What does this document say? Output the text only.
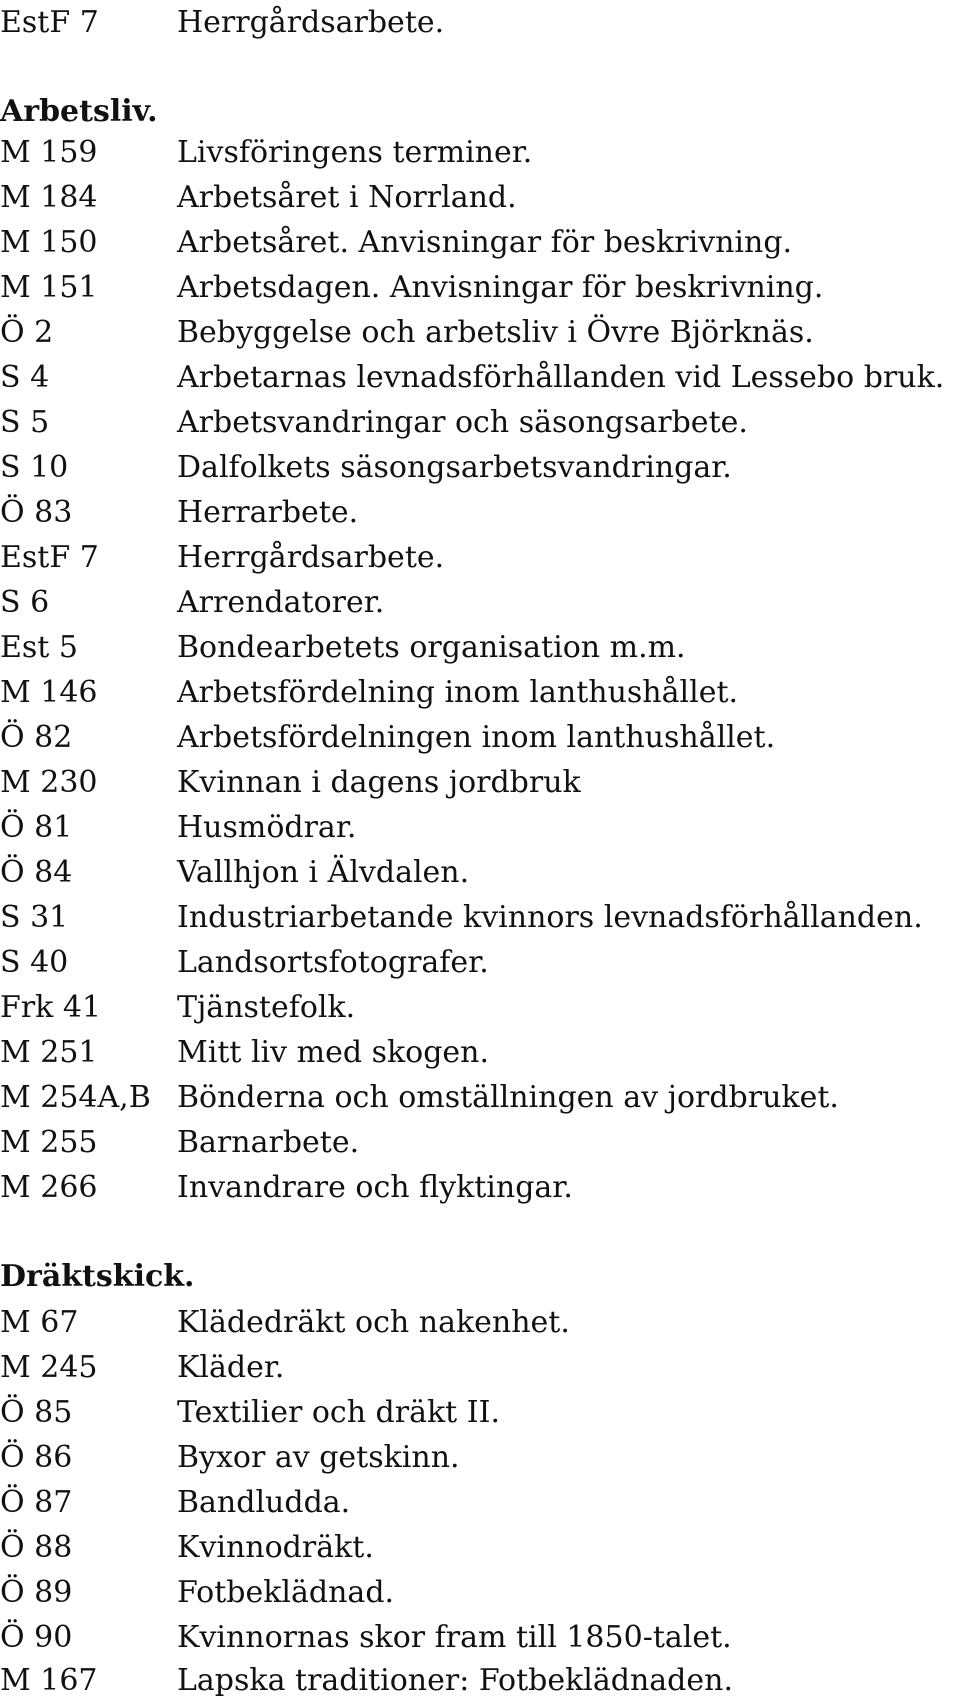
EstF 7	Herrgårdsarbete.
Arbetsliv.
M 159	Livsföringens terminer.
M 184	Arbetsåret i Norrland.
M 150	Arbetsåret. Anvisningar för beskrivning.
M 151	Arbetsdagen. Anvisningar för beskrivning.
Ö 2	Bebyggelse och arbetsliv i Övre Björknäs.
S 4	Arbetarnas levnadsförhållanden vid Lessebo bruk.
S 5	Arbetsvandringar och säsongsarbete.
S 10	Dalfolkets säsongsarbetsvandringar.
Ö 83	Herrarbete.
EstF 7	Herrgårdsarbete.
S 6	Arrendatorer.
Est 5	Bondearbetets organisation m.m.
M 146	Arbetsfördelning inom lanthushållet.
Ö 82	Arbetsfördelningen inom lanthushållet.
M 230	Kvinnan i dagens jordbruk
Ö 81	Husmödrar.
Ö 84	Vallhjon i Älvdalen.
S 31	Industriarbetande kvinnors levnadsförhållanden.
S 40	Landsortsfotografer.
Frk 41	Tjänstefolk.
M 251	Mitt liv med skogen.
M 254A,B Bönderna och omställningen av jordbruket.
M 255	Barnarbete.
M 266	Invandrare och flyktingar.
Dräktskick.
M 67	Klädedräkt och nakenhet.
M 245	Kläder.
Ö 85	Textilier och dräkt II.
Ö 86	Byxor av getskinn.
Ö 87	Bandludda.
Ö 88	Kvinnodräkt.
Ö 89	Fotbeklädnad.
Ö 90	Kvinnornas skor fram till 1850-talet.
M 167	Lapska traditioner: Fotbeklädnaden.
